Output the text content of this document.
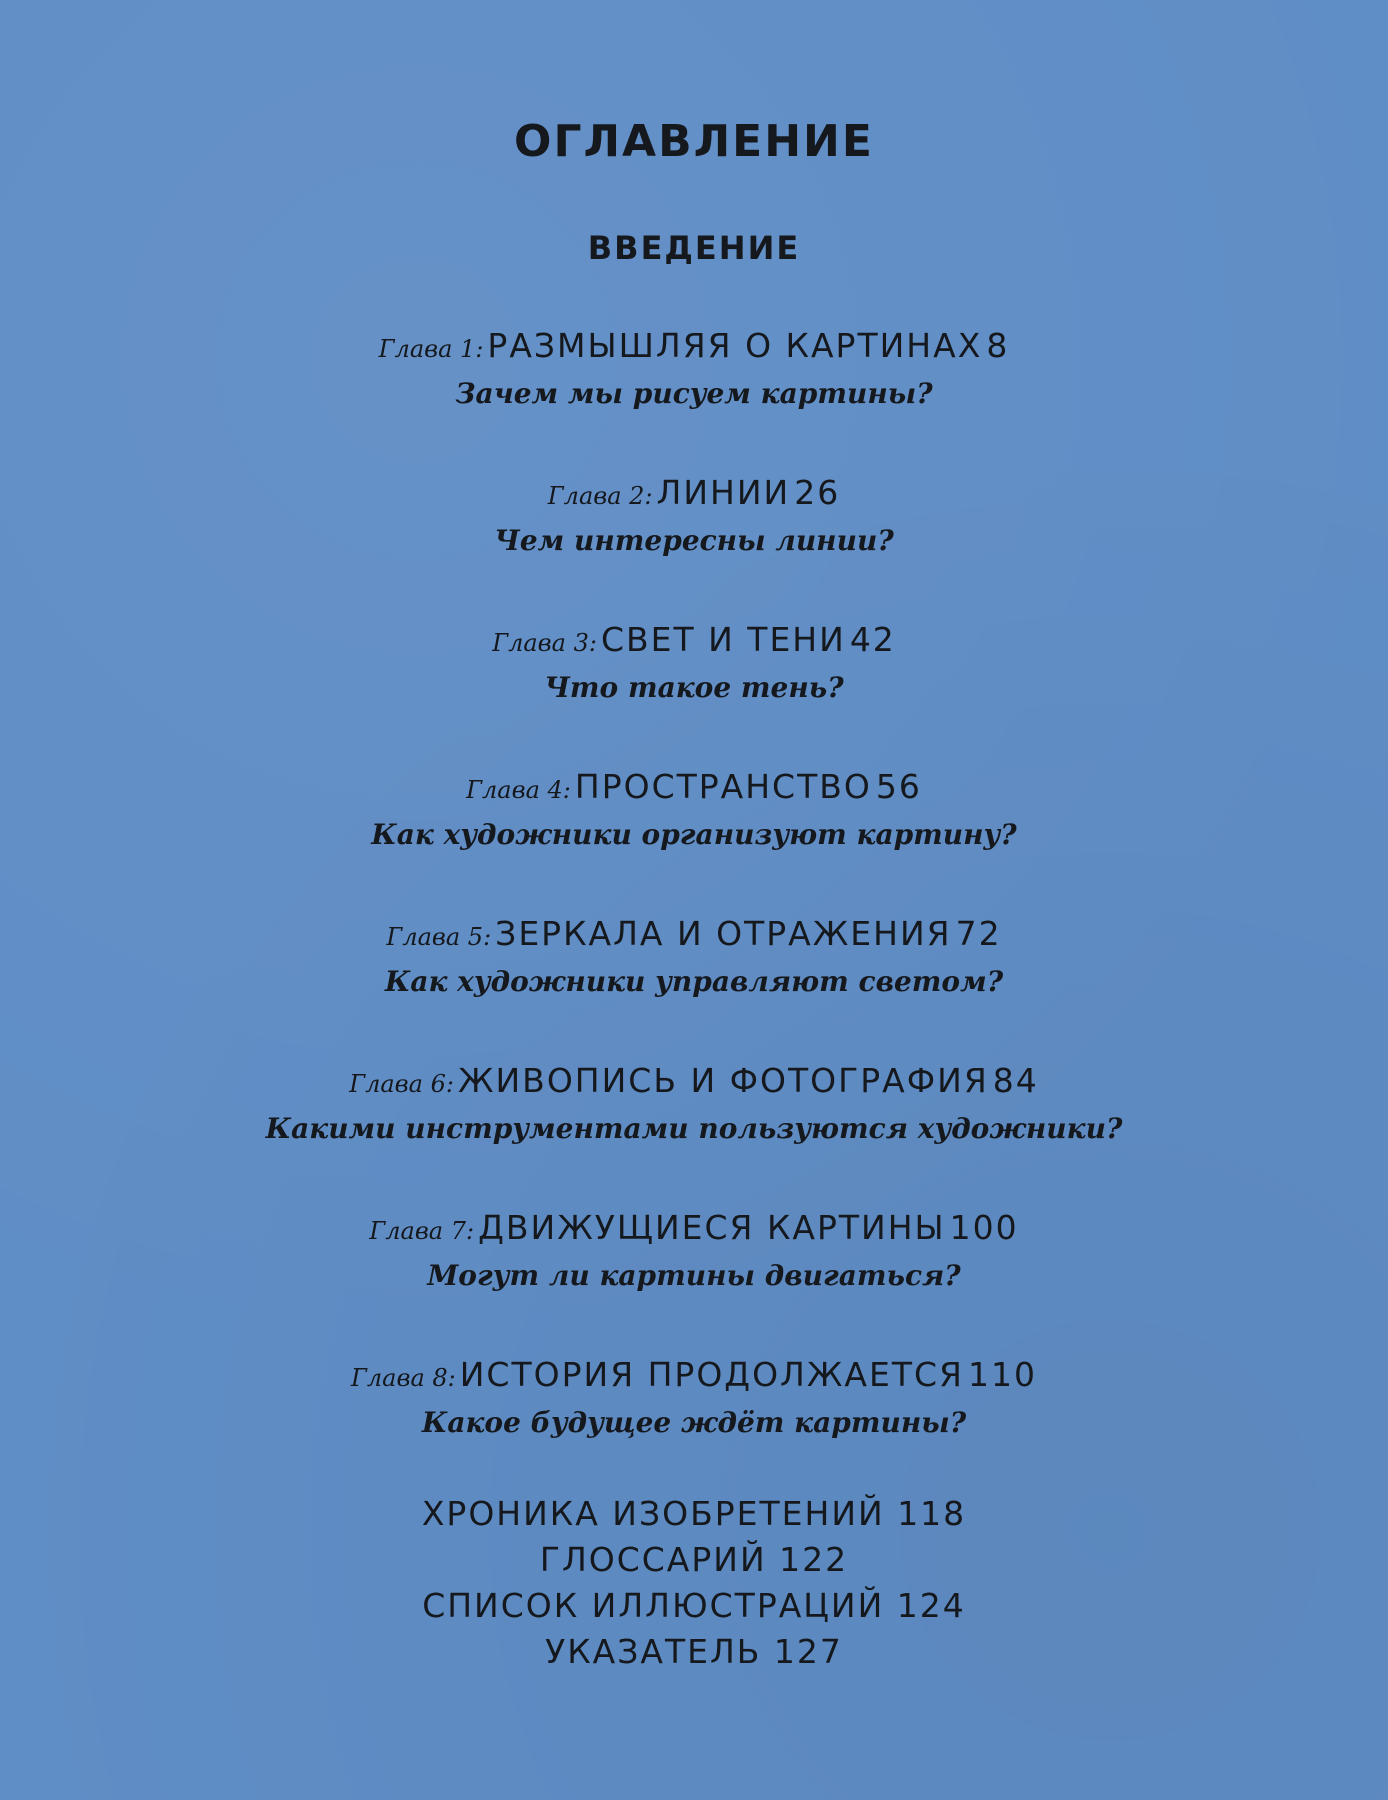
ОГЛАВЛЕНИЕ
ВВЕДЕНИЕ
Глава 1: РАЗМЫШЛЯЯ О КАРТИНАХ 8
Зачем мы рисуем картины?
Глава 2: ЛИНИИ 26
Чем интересны линии?
Глава 3: СВЕТ И ТЕНИ 42
Что такое тень?
Глава 4: ПРОСТРАНСТВО 56
Как художники организуют картину?
Глава 5: ЗЕРКАЛА И ОТРАЖЕНИЯ 72
Как художники управляют светом?
Глава 6: ЖИВОПИСЬ И ФОТОГРАФИЯ 84
Какими инструментами пользуются художники?
Глава 7: ДВИЖУЩИЕСЯ КАРТИНЫ 100
Могут ли картины двигаться?
Глава 8: ИСТОРИЯ ПРОДОЛЖАЕТСЯ 110
Какое будущее ждёт картины?
ХРОНИКА ИЗОБРЕТЕНИЙ 118
ГЛОССАРИЙ 122
СПИСОК ИЛЛЮСТРАЦИЙ 124
УКАЗАТЕЛЬ 127
